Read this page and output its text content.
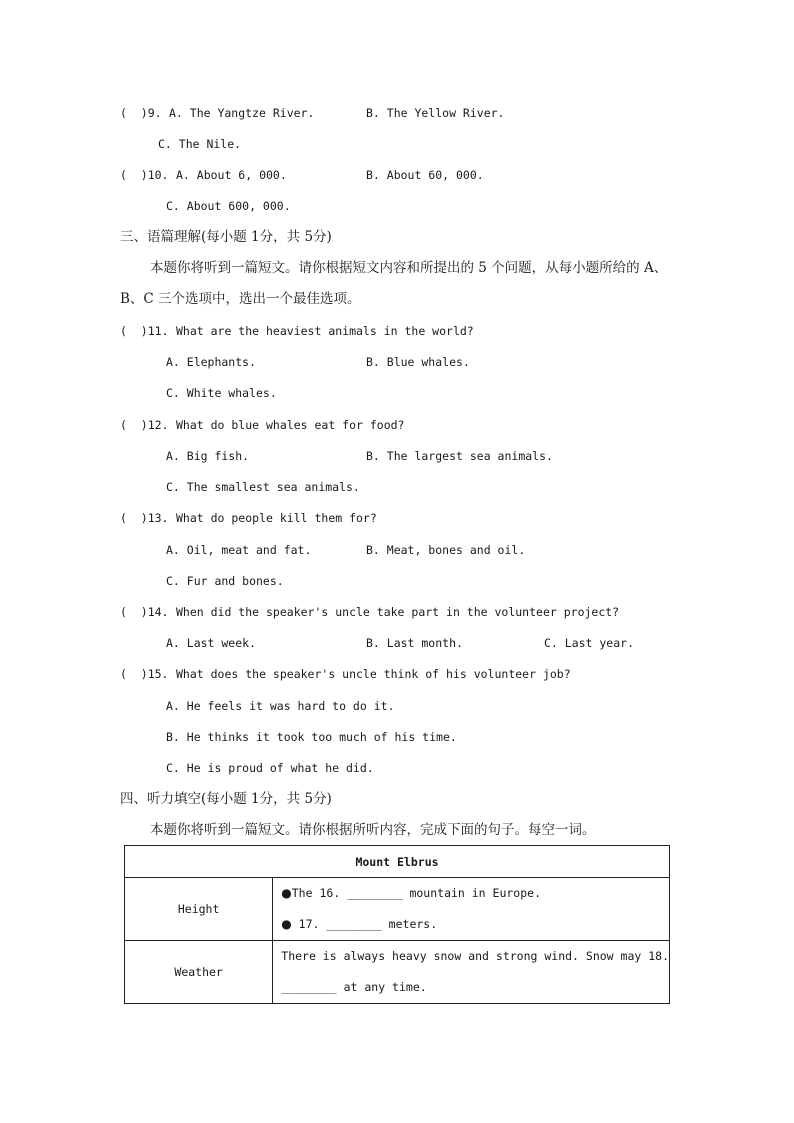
(  )9. A. The Yangtze River.	B. The Yellow River.
C. The Nile.
(  )10. A. About 6, 000.	B. About 60, 000.
C. About 600, 000.
三、语篇理解(每小题 1分，共 5分)
本题你将听到一篇短文。请你根据短文内容和所提出的 5 个问题，从每小题所给的 A、
B、C 三个选项中，选出一个最佳选项。
(  )11. What are the heaviest animals in the world?
A. Elephants.	B. Blue whales.
C. White whales.
(  )12. What do blue whales eat for food?
A. Big fish.	B. The largest sea animals.
C. The smallest sea animals.
(  )13. What do people kill them for?
A. Oil, meat and fat.	B. Meat, bones and oil.
C. Fur and bones.
(  )14. When did the speaker's uncle take part in the volunteer project?
A. Last week.	B. Last month.	C. Last year.
(  )15. What does the speaker's uncle think of his volunteer job?
A. He feels it was hard to do it.
B. He thinks it took too much of his time.
C. He is proud of what he did.
四、听力填空(每小题 1分，共 5分)
本题你将听到一篇短文。请你根据所听内容，完成下面的句子。每空一词。
Mount Elbrus	
Height	●The 16. ________ mountain in Europe.
● 17. ________ meters.

Weather	There is always heavy snow and strong wind. Snow may 18.
________ at any time.
